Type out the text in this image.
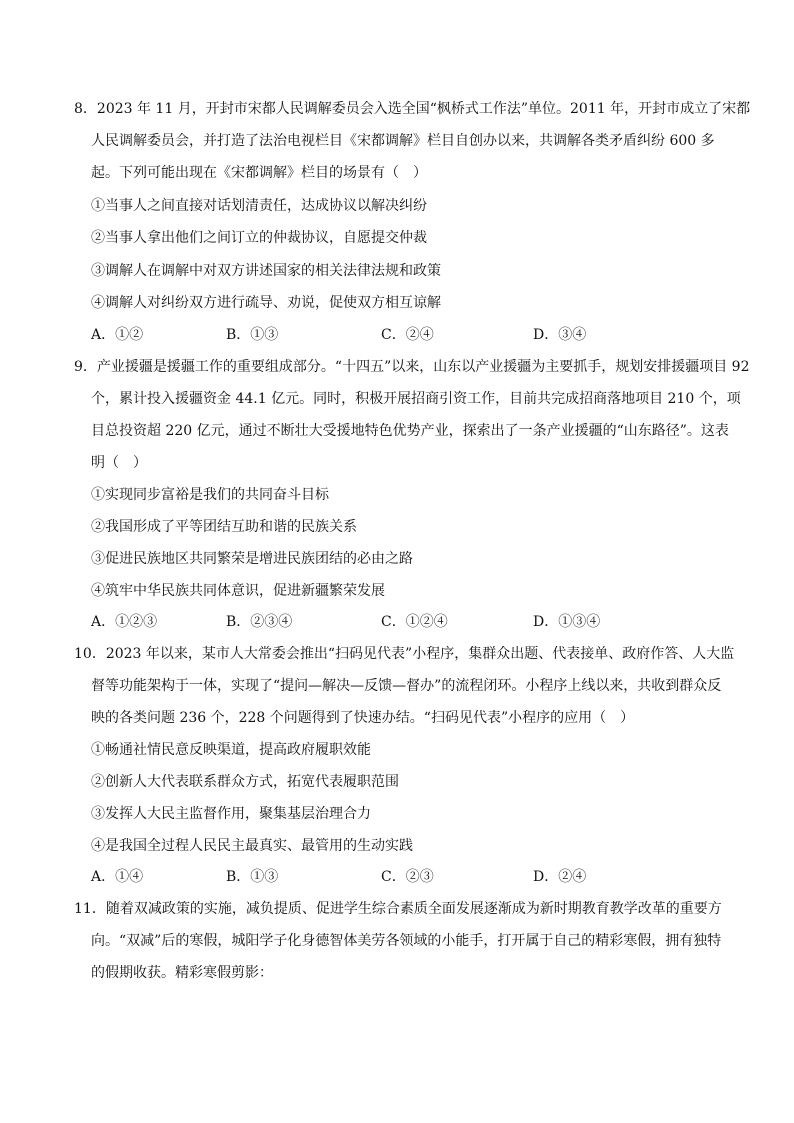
8．2023 年 11 月，开封市宋都人民调解委员会入选全国“枫桥式工作法”单位。2011 年，开封市成立了宋都
人民调解委员会，并打造了法治电视栏目《宋都调解》栏目自创办以来，共调解各类矛盾纠纷 600 多
起。下列可能出现在《宋都调解》栏目的场景有（　）
①当事人之间直接对话划清责任，达成协议以解决纠纷
②当事人拿出他们之间订立的仲裁协议，自愿提交仲裁
③调解人在调解中对双方讲述国家的相关法律法规和政策
④调解人对纠纷双方进行疏导、劝说，促使双方相互谅解
A．①②	B．①③	C．②④	D．③④
9．产业援疆是援疆工作的重要组成部分。“十四五”以来，山东以产业援疆为主要抓手，规划安排援疆项目 92
个，累计投入援疆资金 44.1 亿元。同时，积极开展招商引资工作，目前共完成招商落地项目 210 个，项
目总投资超 220 亿元，通过不断壮大受援地特色优势产业，探索出了一条产业援疆的“山东路径”。这表
明（　）
①实现同步富裕是我们的共同奋斗目标
②我国形成了平等团结互助和谐的民族关系
③促进民族地区共同繁荣是增进民族团结的必由之路
④筑牢中华民族共同体意识，促进新疆繁荣发展
A．①②③	B．②③④	C．①②④	D．①③④
10．2023 年以来，某市人大常委会推出“扫码见代表”小程序，集群众出题、代表接单、政府作答、人大监
督等功能架构于一体，实现了“提问—解决—反馈—督办”的流程闭环。小程序上线以来，共收到群众反
映的各类问题 236 个，228 个问题得到了快速办结。“扫码见代表”小程序的应用（　）
①畅通社情民意反映渠道，提高政府履职效能
②创新人大代表联系群众方式，拓宽代表履职范围
③发挥人大民主监督作用，聚集基层治理合力
④是我国全过程人民民主最真实、最管用的生动实践
A．①④	B．①③	C．②③	D．②④
11．随着双减政策的实施，减负提质、促进学生综合素质全面发展逐渐成为新时期教育教学改革的重要方
向。“双减”后的寒假，城阳学子化身德智体美劳各领域的小能手，打开属于自己的精彩寒假，拥有独特
的假期收获。精彩寒假剪影：
